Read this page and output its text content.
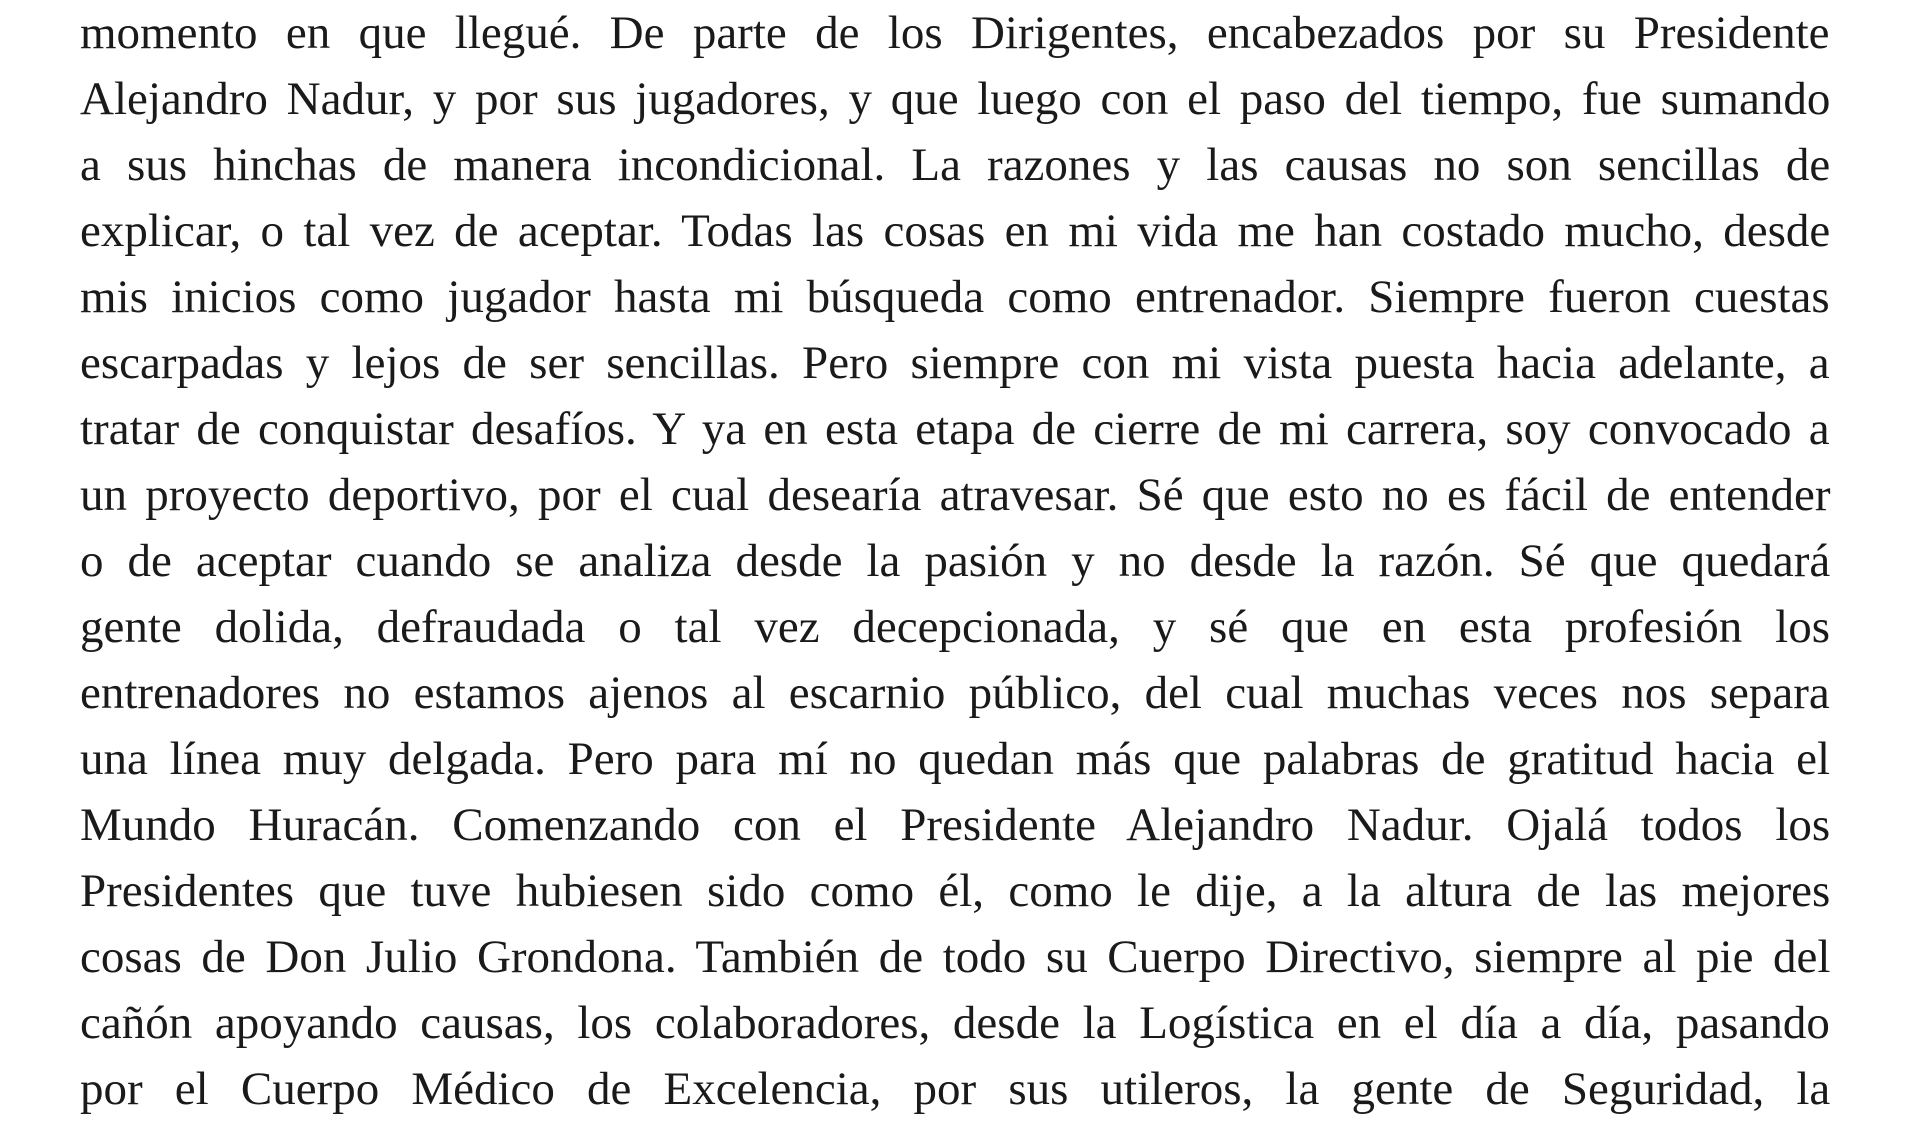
momento en que llegué. De parte de los Dirigentes, encabezados por su Presidente

Alejandro Nadur, y por sus jugadores, y que luego con el paso del tiempo, fue sumando

a sus hinchas de manera incondicional. La razones y las causas no son sencillas de

explicar, o tal vez de aceptar. Todas las cosas en mi vida me han costado mucho, desde

mis inicios como jugador hasta mi búsqueda como entrenador. Siempre fueron cuestas

escarpadas y lejos de ser sencillas. Pero siempre con mi vista puesta hacia adelante, a

tratar de conquistar desafíos. Y ya en esta etapa de cierre de mi carrera, soy convocado a

un proyecto deportivo, por el cual desearía atravesar. Sé que esto no es fácil de entender

o de aceptar cuando se analiza desde la pasión y no desde la razón. Sé que quedará

gente dolida, defraudada o tal vez decepcionada, y sé que en esta profesión los

entrenadores no estamos ajenos al escarnio público, del cual muchas veces nos separa

una línea muy delgada. Pero para mí no quedan más que palabras de gratitud hacia el

Mundo Huracán. Comenzando con el Presidente Alejandro Nadur. Ojalá todos los

Presidentes que tuve hubiesen sido como él, como le dije, a la altura de las mejores

cosas de Don Julio Grondona. También de todo su Cuerpo Directivo, siempre al pie del

cañón apoyando causas, los colaboradores, desde la Logística en el día a día, pasando

por el Cuerpo Médico de Excelencia, por sus utileros, la gente de Seguridad, la
